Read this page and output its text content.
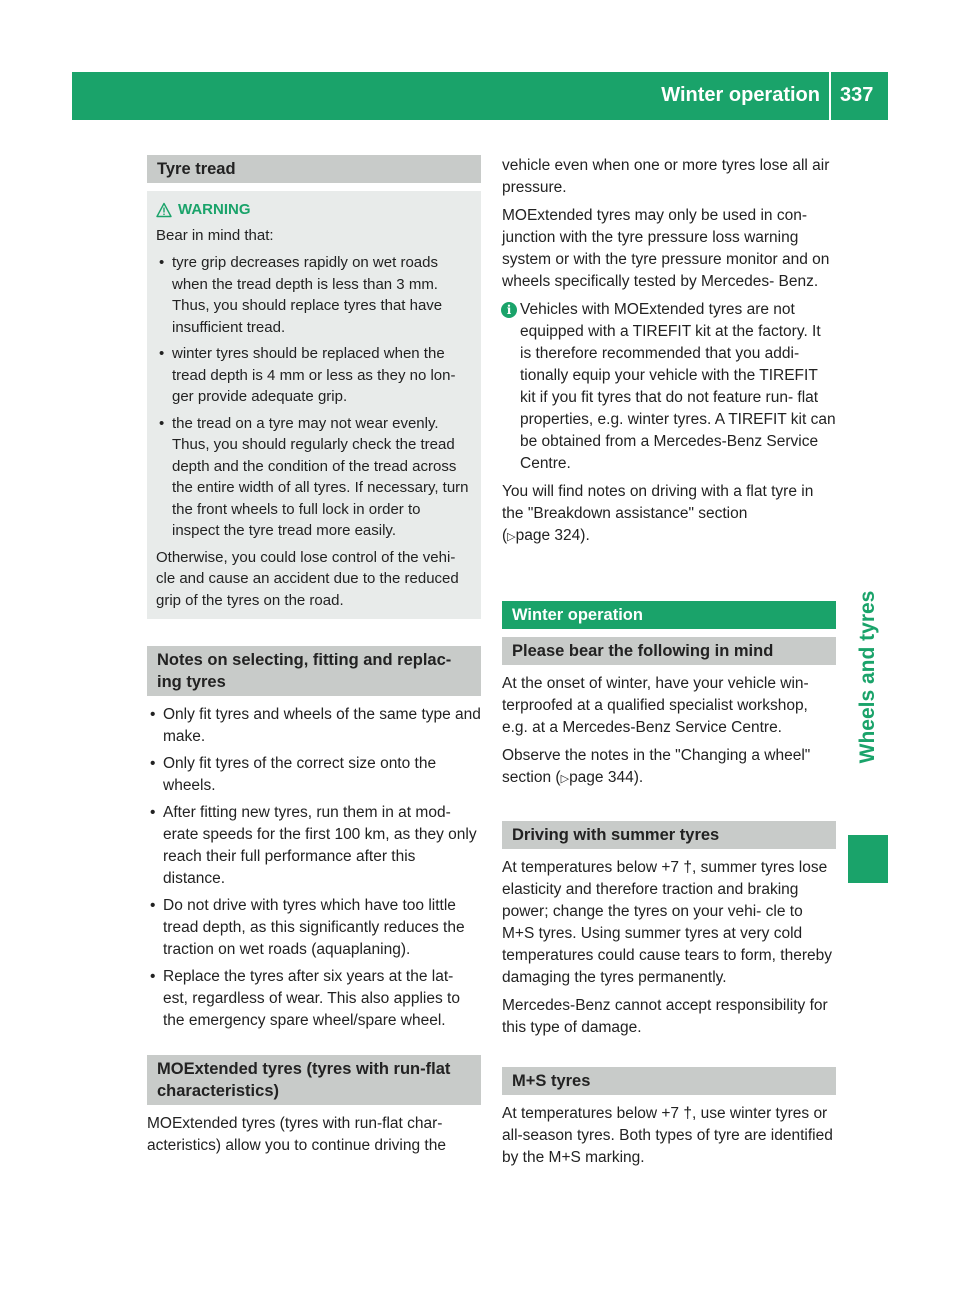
Winter operation 337
Wheels and tyres
Tyre tread
WARNING

Bear in mind that:

• tyre grip decreases rapidly on wet roads when the tread depth is less than 3 mm. Thus, you should replace tyres that have insufficient tread.
• winter tyres should be replaced when the tread depth is 4 mm or less as they no lon- ger provide adequate grip.
• the tread on a tyre may not wear evenly. Thus, you should regularly check the tread depth and the condition of the tread across the entire width of all tyres. If necessary, turn the front wheels to full lock in order to inspect the tyre tread more easily.

Otherwise, you could lose control of the vehi- cle and cause an accident due to the reduced grip of the tyres on the road.

Notes on selecting, fitting and replac- ing tyres
• Only fit tyres and wheels of the same type and make.
• Only fit tyres of the correct size onto the wheels.
• After fitting new tyres, run them in at mod- erate speeds for the first 100 km, as they only reach their full performance after this distance.
• Do not drive with tyres which have too little tread depth, as this significantly reduces the traction on wet roads (aquaplaning).
• Replace the tyres after six years at the lat- est, regardless of wear. This also applies to the emergency spare wheel/spare wheel.
MOExtended tyres (tyres with run-flat characteristics)

MOExtended tyres (tyres with run-flat char- acteristics) allow you to continue driving the

vehicle even when one or more tyres lose all air pressure.

MOExtended tyres may only be used in con- junction with the tyre pressure loss warning system or with the tyre pressure monitor and on wheels specifically tested by Mercedes- Benz.

i Vehicles with MOExtended tyres are not equipped with a TIREFIT kit at the factory. It is therefore recommended that you addi- tionally equip your vehicle with the TIREFIT kit if you fit tyres that do not feature run- flat properties, e.g. winter tyres. A TIREFIT kit can be obtained from a Mercedes-Benz Service Centre.

You will find notes on driving with a flat tyre in the "Breakdown assistance" section
(▷page 324).

Winter operation
Please bear the following in mind

At the onset of winter, have your vehicle win- terproofed at a qualified specialist workshop, e.g. at a Mercedes-Benz Service Centre.

Observe the notes in the "Changing a wheel" section (▷page 344).

Driving with summer tyres

At temperatures below +7 †, summer tyres lose elasticity and therefore traction and braking power; change the tyres on your vehi- cle to M+S tyres. Using summer tyres at very cold temperatures could cause tears to form, thereby damaging the tyres permanently.

Mercedes-Benz cannot accept responsibility for this type of damage.

M+S tyres

At temperatures below +7 †, use winter tyres or all-season tyres. Both types of tyre are identified by the M+S marking.
